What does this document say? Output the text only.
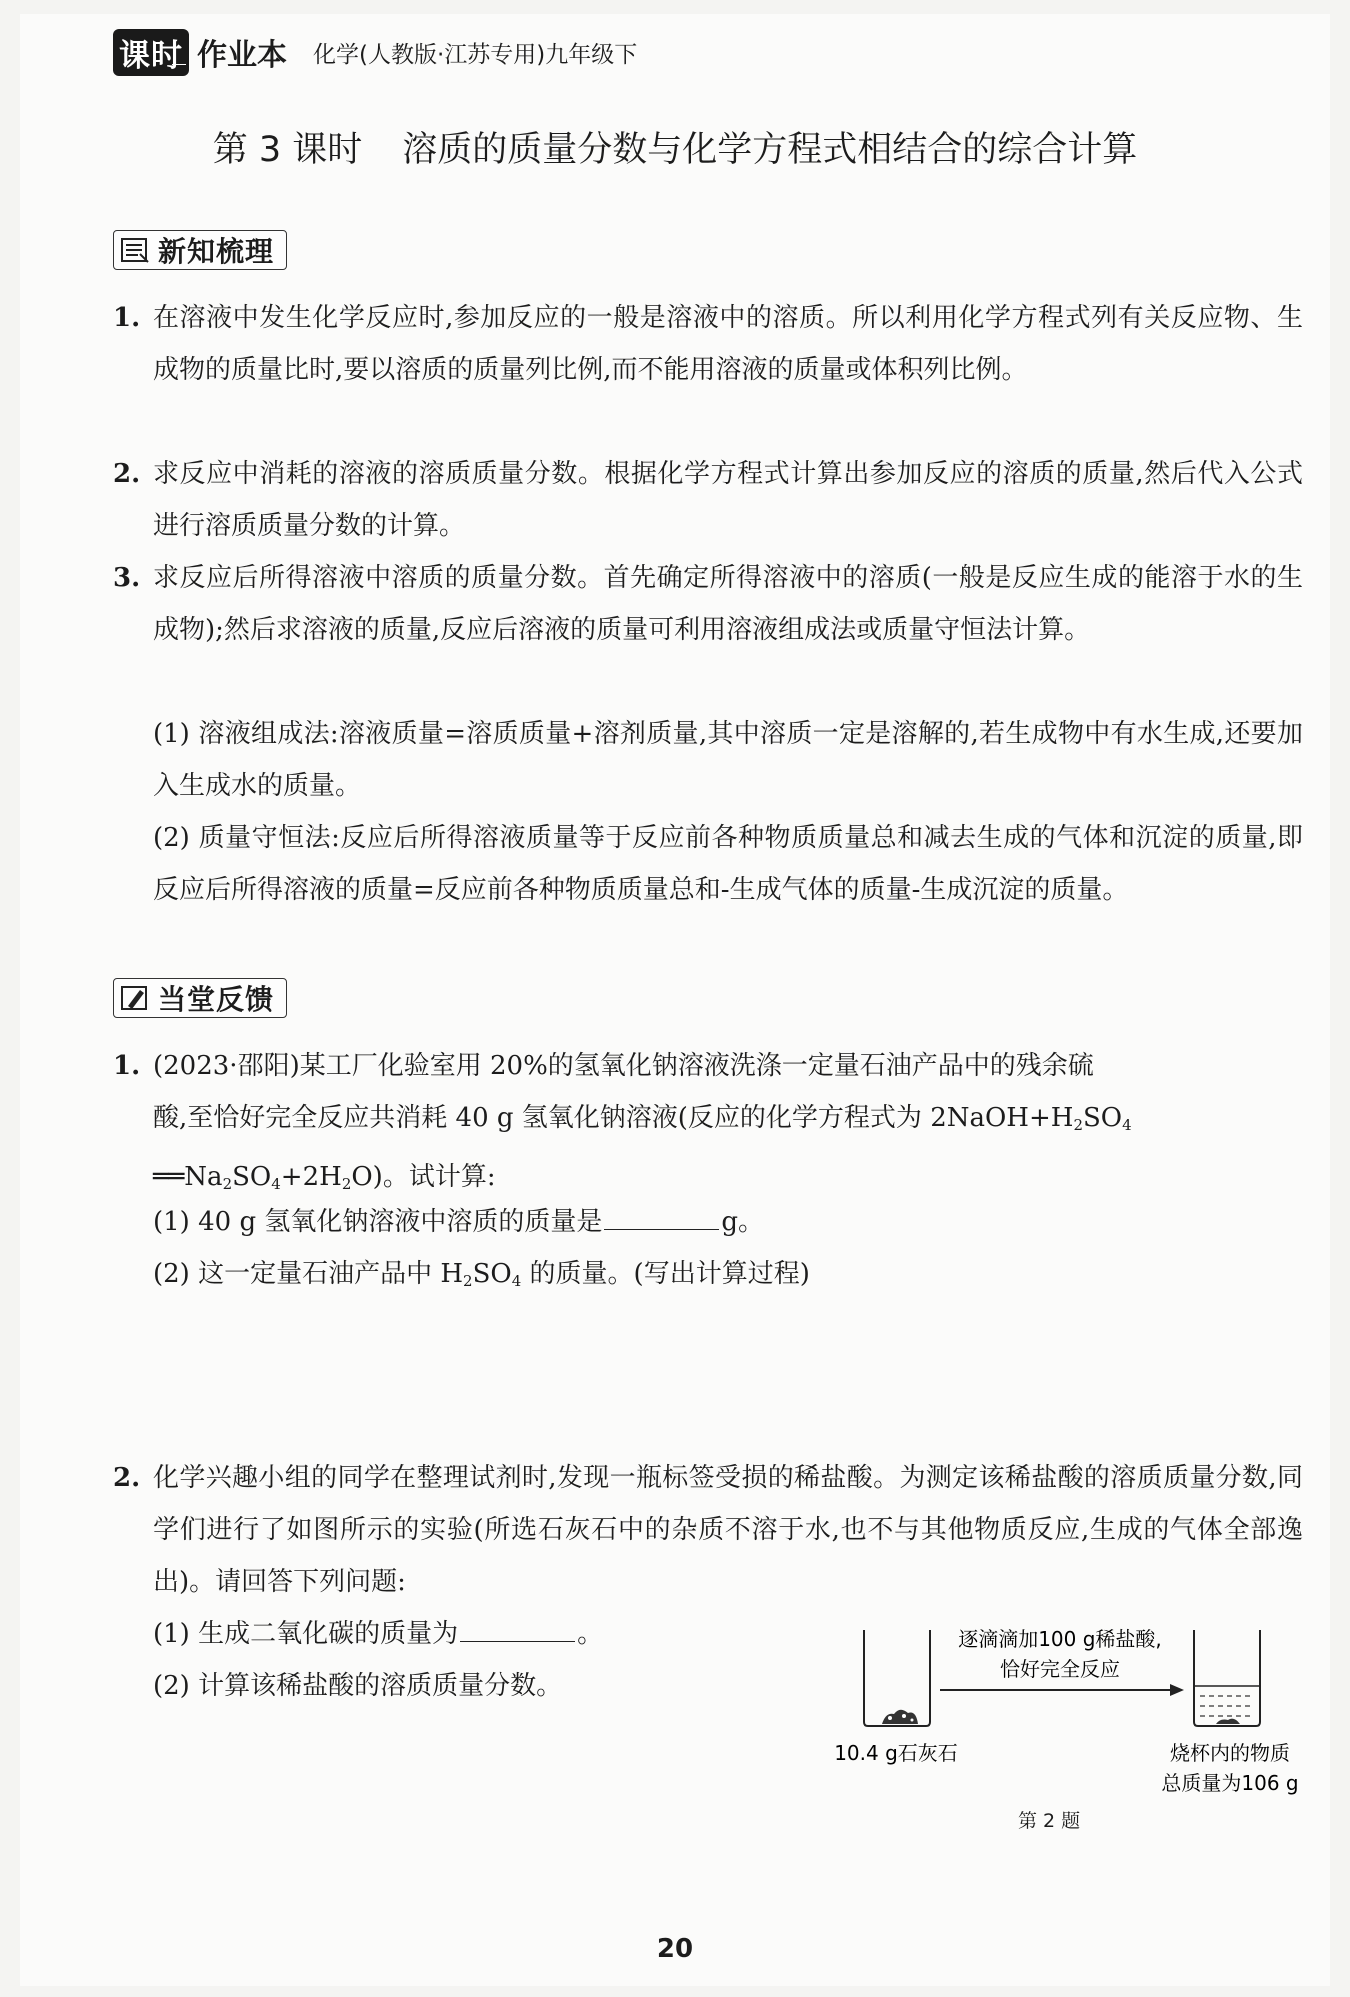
课时 作业本 化学(人教版·江苏专用)九年级下
第 3 课时 溶质的质量分数与化学方程式相结合的综合计算
新知梳理
1. 在溶液中发生化学反应时,参加反应的一般是溶液中的溶质。所以利用化学方程式列有关反应物、生成物的质量比时,要以溶质的质量列比例,而不能用溶液的质量或体积列比例。
2. 求反应中消耗的溶液的溶质质量分数。根据化学方程式计算出参加反应的溶质的质量,然后代入公式进行溶质质量分数的计算。
3. 求反应后所得溶液中溶质的质量分数。首先确定所得溶液中的溶质(一般是反应生成的能溶于水的生成物);然后求溶液的质量,反应后溶液的质量可利用溶液组成法或质量守恒法计算。
(1) 溶液组成法:溶液质量=溶质质量+溶剂质量,其中溶质一定是溶解的,若生成物中有水生成,还要加入生成水的质量。
(2) 质量守恒法:反应后所得溶液质量等于反应前各种物质质量总和减去生成的气体和沉淀的质量,即反应后所得溶液的质量=反应前各种物质质量总和-生成气体的质量-生成沉淀的质量。
当堂反馈
1. (2023·邵阳)某工厂化验室用 20%的氢氧化钠溶液洗涤一定量石油产品中的残余硫
酸,至恰好完全反应共消耗 40 g 氢氧化钠溶液(反应的化学方程式为 $2NaOH+H_2SO_4$
$══Na_2SO_4+2H_2O$)。试计算:
(1) 40 g 氢氧化钠溶液中溶质的质量是	g。
(2) 这一定量石油产品中 $H_2SO_4$ 的质量。(写出计算过程)
2. 化学兴趣小组的同学在整理试剂时,发现一瓶标签受损的稀盐酸。为测定该稀盐酸的溶质质量分数,同学们进行了如图所示的实验(所选石灰石中的杂质不溶于水,也不与其他物质反应,生成的气体全部逸出)。请回答下列问题:
(1) 生成二氧化碳的质量为	。
(2) 计算该稀盐酸的溶质质量分数。
逐滴滴加100 g稀盐酸,
恰好完全反应
10.4 g石灰石	烧杯内的物质
总质量为106 g
第 2 题
20
